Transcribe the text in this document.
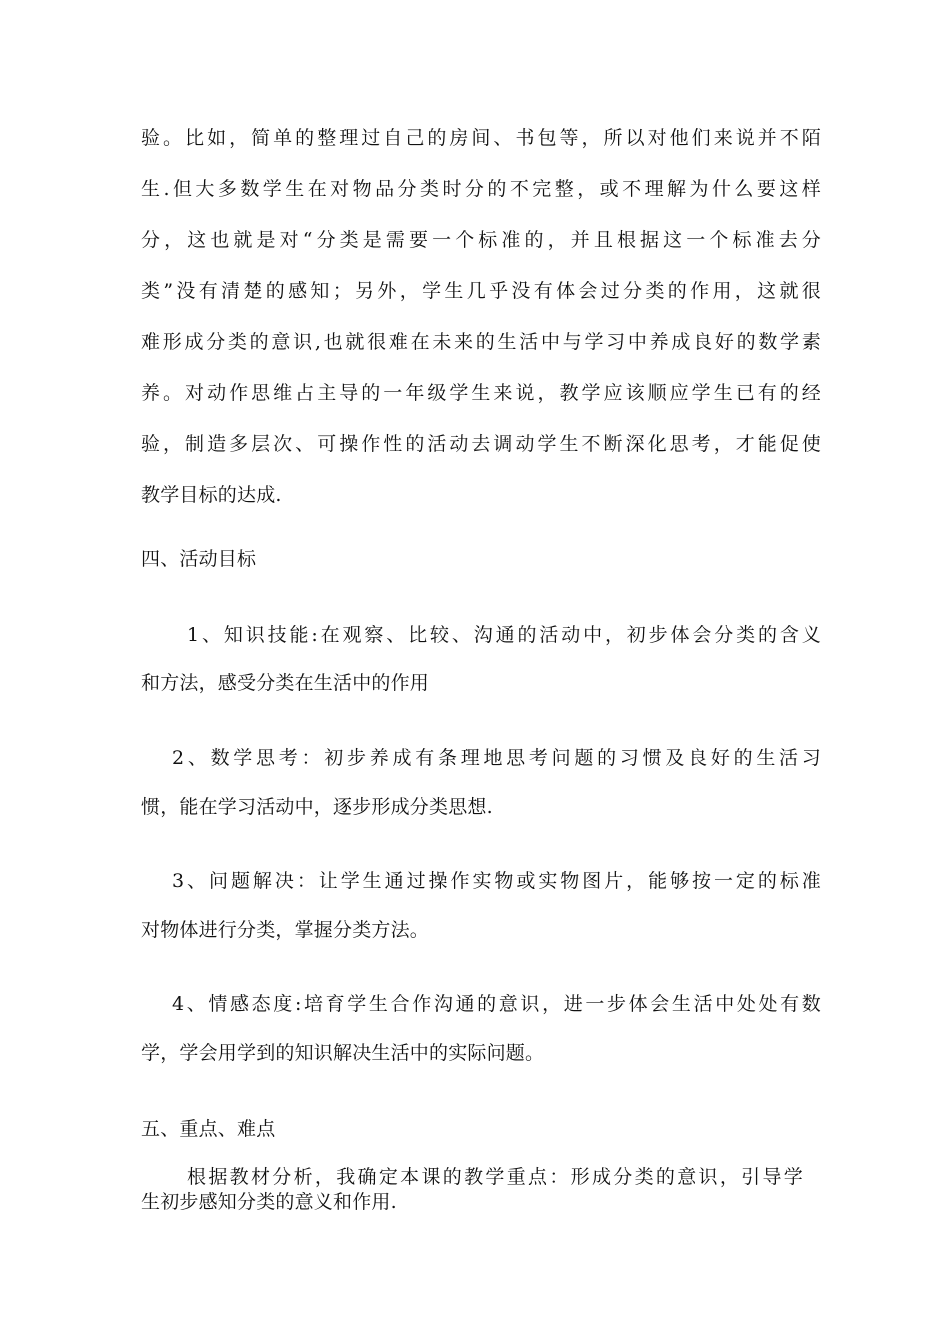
验。比如，简单的整理过自己的房间、书包等，所以对他们来说并不陌
生.但大多数学生在对物品分类时分的不完整，或不理解为什么要这样
分，这也就是对“分类是需要一个标准的，并且根据这一个标准去分
类”没有清楚的感知；另外，学生几乎没有体会过分类的作用，这就很
难形成分类的意识,也就很难在未来的生活中与学习中养成良好的数学素
养。对动作思维占主导的一年级学生来说，教学应该顺应学生已有的经
验，制造多层次、可操作性的活动去调动学生不断深化思考，才能促使
教学目标的达成.
四、活动目标
1、知识技能:在观察、比较、沟通的活动中，初步体会分类的含义
和方法，感受分类在生活中的作用
2、数学思考：初步养成有条理地思考问题的习惯及良好的生活习
惯，能在学习活动中，逐步形成分类思想.
3、问题解决：让学生通过操作实物或实物图片，能够按一定的标准
对物体进行分类，掌握分类方法。
4、情感态度:培育学生合作沟通的意识，进一步体会生活中处处有数
学，学会用学到的知识解决生活中的实际问题。
五、重点、难点
根据教材分析，我确定本课的教学重点：形成分类的意识，引导学
生初步感知分类的意义和作用.
